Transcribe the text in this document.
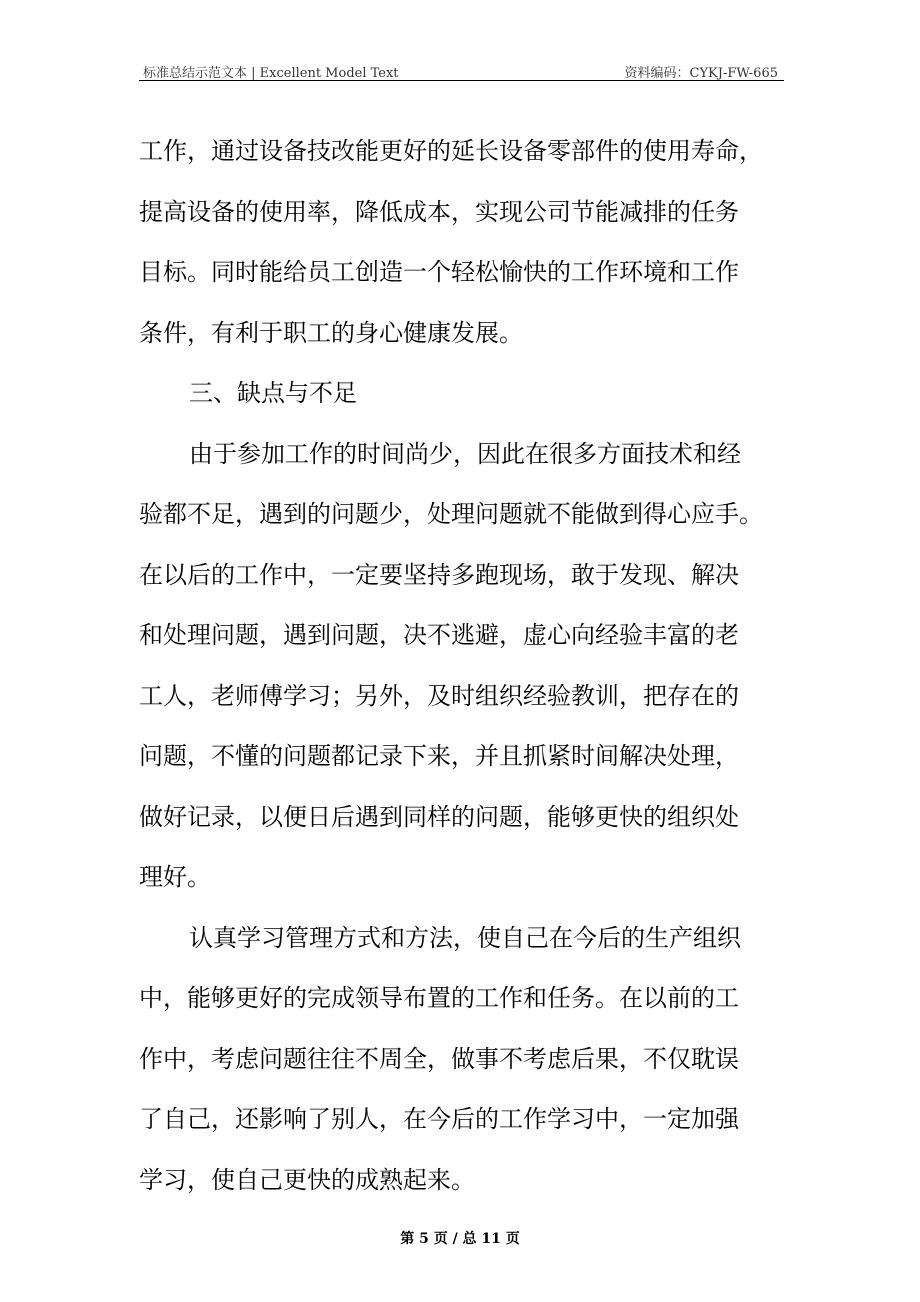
标准总结示范文本 | Excellent Model Text	资料编码：CYKJ-FW-665
工作，通过设备技改能更好的延长设备零部件的使用寿命，
提高设备的使用率，降低成本，实现公司节能减排的任务
目标。同时能给员工创造一个轻松愉快的工作环境和工作
条件，有利于职工的身心健康发展。
三、缺点与不足
由于参加工作的时间尚少，因此在很多方面技术和经
验都不足，遇到的问题少，处理问题就不能做到得心应手。
在以后的工作中，一定要坚持多跑现场，敢于发现、解决
和处理问题，遇到问题，决不逃避，虚心向经验丰富的老
工人，老师傅学习；另外，及时组织经验教训，把存在的
问题，不懂的问题都记录下来，并且抓紧时间解决处理，
做好记录，以便日后遇到同样的问题，能够更快的组织处
理好。
认真学习管理方式和方法，使自己在今后的生产组织
中，能够更好的完成领导布置的工作和任务。在以前的工
作中，考虑问题往往不周全，做事不考虑后果，不仅耽误
了自己，还影响了别人，在今后的工作学习中，一定加强
学习，使自己更快的成熟起来。
第 5 页 / 总 11 页
